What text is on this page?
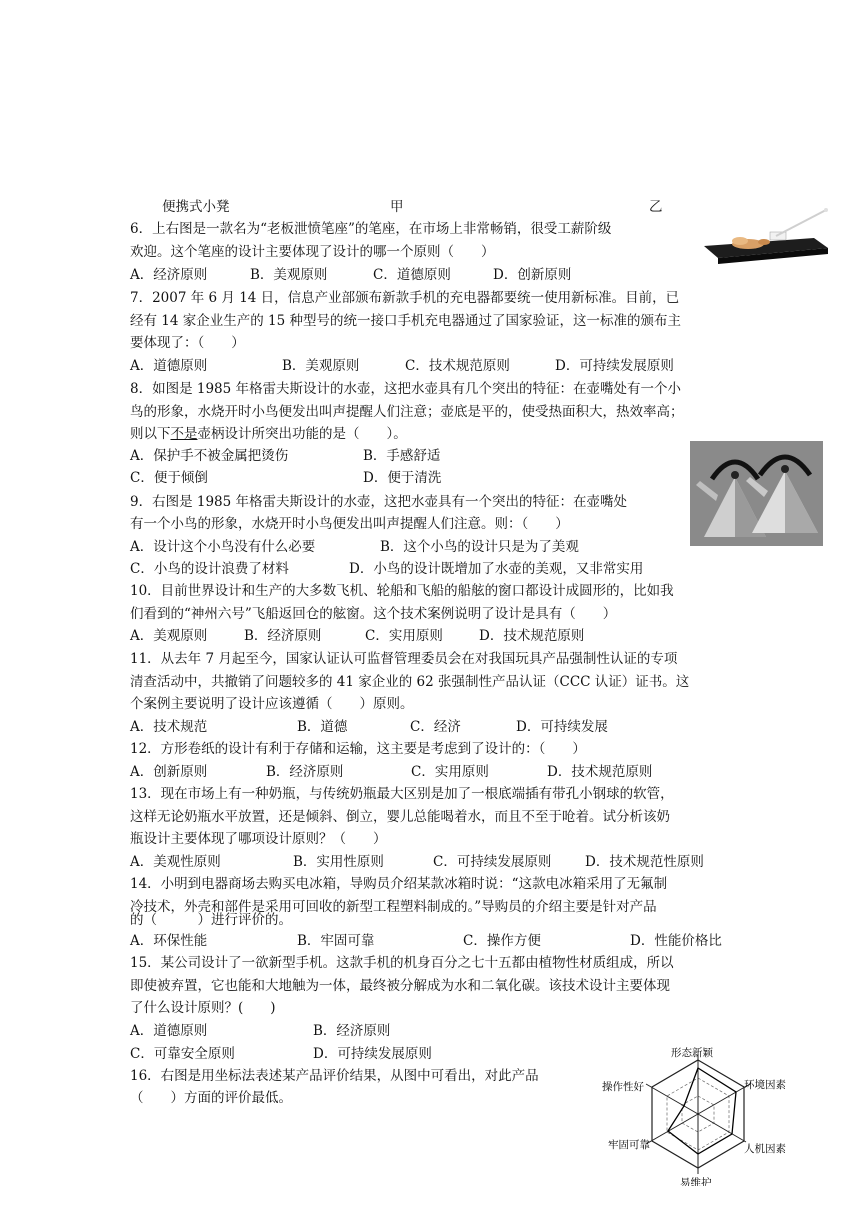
便携式小凳	甲	乙
6．上右图是一款名为“老板泄愤笔座”的笔座，在市场上非常畅销，很受工薪阶级
欢迎。这个笔座的设计主要体现了设计的哪一个原则（　　）
A．经济原则	B．美观原则	C．道德原则	D．创新原则
7．2007 年 6 月 14 日，信息产业部颁布新款手机的充电器都要统一使用新标准。目前，已
经有 14 家企业生产的 15 种型号的统一接口手机充电器通过了国家验证，这一标准的颁布主
要体现了：（　　）
A．道德原则	B．美观原则	C．技术规范原则	D．可持续发展原则
8．如图是 1985 年格雷夫斯设计的水壶，这把水壶具有几个突出的特征：在壶嘴处有一个小
鸟的形象，水烧开时小鸟便发出叫声提醒人们注意；壶底是平的，使受热面积大，热效率高；
则以下不是壶柄设计所突出功能的是（　　）。
A．保护手不被金属把烫伤	B．手感舒适
C．便于倾倒	D．便于清洗
9．右图是 1985 年格雷夫斯设计的水壶，这把水壶具有一个突出的特征：在壶嘴处
有一个小鸟的形象，水烧开时小鸟便发出叫声提醒人们注意。则：（　　）
A．设计这个小鸟没有什么必要	B．这个小鸟的设计只是为了美观
C．小鸟的设计浪费了材料	D．小鸟的设计既增加了水壶的美观，又非常实用
10．目前世界设计和生产的大多数飞机、轮船和飞船的船舷的窗口都设计成圆形的，比如我
们看到的“神州六号”飞船返回仓的舷窗。这个技术案例说明了设计是具有（　　）
A．美观原则	B．经济原则	C．实用原则	D．技术规范原则
11．从去年 7 月起至今，国家认证认可监督管理委员会在对我国玩具产品强制性认证的专项
清查活动中，共撤销了问题较多的 41 家企业的 62 张强制性产品认证（CCC 认证）证书。这
个案例主要说明了设计应该遵循（　　）原则。
A．技术规范	B．道德	C．经济	D．可持续发展
12．方形卷纸的设计有利于存储和运输，这主要是考虑到了设计的：（　　）
A．创新原则	B．经济原则	C．实用原则	D．技术规范原则
13．现在市场上有一种奶瓶，与传统奶瓶最大区别是加了一根底端插有带孔小钢球的软管，
这样无论奶瓶水平放置，还是倾斜、倒立，婴儿总能喝着水，而且不至于呛着。试分析该奶
瓶设计主要体现了哪项设计原则？（　　）
A．美观性原则	B．实用性原则	C．可持续发展原则 D．技术规范性原则
14．小明到电器商场去购买电冰箱，导购员介绍某款冰箱时说：“这款电冰箱采用了无氟制
冷技术，外壳和部件是采用可回收的新型工程塑料制成的。”导购员的介绍主要是针对产品
的（　　　）进行评价的。
A．环保性能	B．牢固可靠	C．操作方便	D．性能价格比
15．某公司设计了一欲新型手机。这款手机的机身百分之七十五都由植物性材质组成，所以
即使被弃置，它也能和大地触为一体，最终被分解成为水和二氧化碳。该技术设计主要体现
了什么设计原则？(　　)
A．道德原则	B．经济原则
C．可靠安全原则	D．可持续发展原则
16．右图是用坐标法表述某产品评价结果，从图中可看出，对此产品
（　　）方面的评价最低。
形态新颖
环境因素
人机因素
易维护
牢固可靠
操作性好
